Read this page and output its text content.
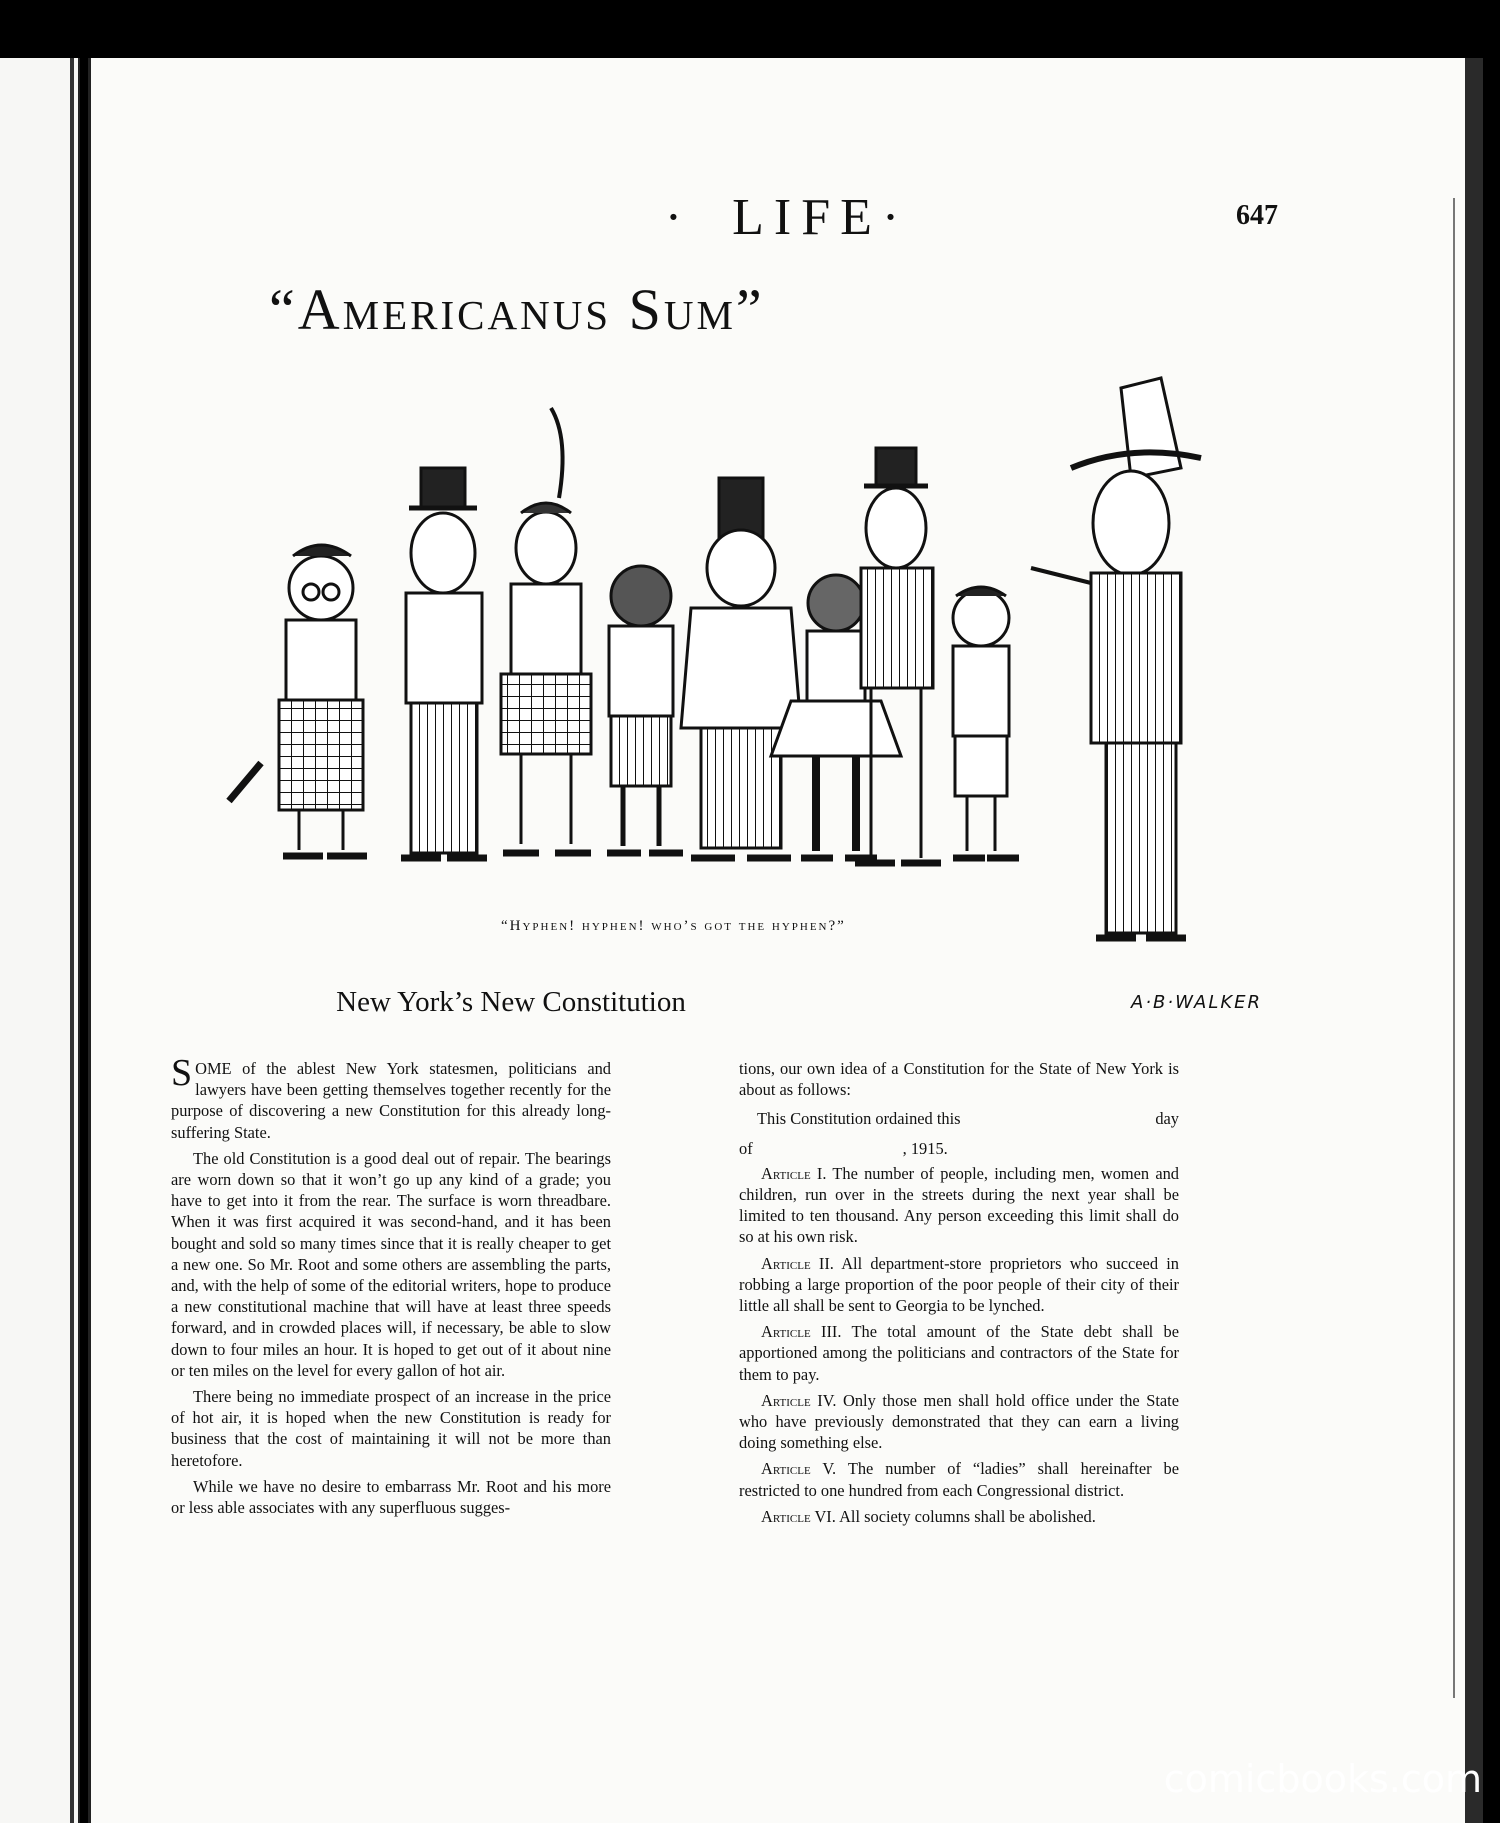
· LIFE·	647
“Americanus Sum”
“Hyphen! hyphen! who’s got the hyphen?”
A·B·WALKER
New York’s New Constitution

SOME of the ablest New York statesmen, politicians and lawyers have been getting themselves together recently for the purpose of discovering a new Constitution for this already long-suffering State.

The old Constitution is a good deal out of repair. The bearings are worn down so that it won’t go up any kind of a grade; you have to get into it from the rear. The surface is worn threadbare. When it was first acquired it was second-hand, and it has been bought and sold so many times since that it is really cheaper to get a new one. So Mr. Root and some others are assembling the parts, and, with the help of some of the editorial writers, hope to produce a new constitutional machine that will have at least three speeds forward, and in crowded places will, if necessary, be able to slow down to four miles an hour. It is hoped to get out of it about nine or ten miles on the level for every gallon of hot air.

There being no immediate prospect of an increase in the price of hot air, it is hoped when the new Constitution is ready for business that the cost of maintaining it will not be more than heretofore.

While we have no desire to embarrass Mr. Root and his more or less able associates with any superfluous sugges-

tions, our own idea of a Constitution for the State of New York is about as follows:

This Constitution ordained this	day
of	, 1915.

Article I. The number of people, including men, women and children, run over in the streets during the next year shall be limited to ten thousand. Any person exceeding this limit shall do so at his own risk.

Article II. All department-store proprietors who succeed in robbing a large proportion of the poor people of their city of their little all shall be sent to Georgia to be lynched.

Article III. The total amount of the State debt shall be apportioned among the politicians and contractors of the State for them to pay.

Article IV. Only those men shall hold office under the State who have previously demonstrated that they can earn a living doing something else.

Article V. The number of “ladies” shall hereinafter be restricted to one hundred from each Congressional district.

Article VI. All society columns shall be abolished.

comicbooks.com
